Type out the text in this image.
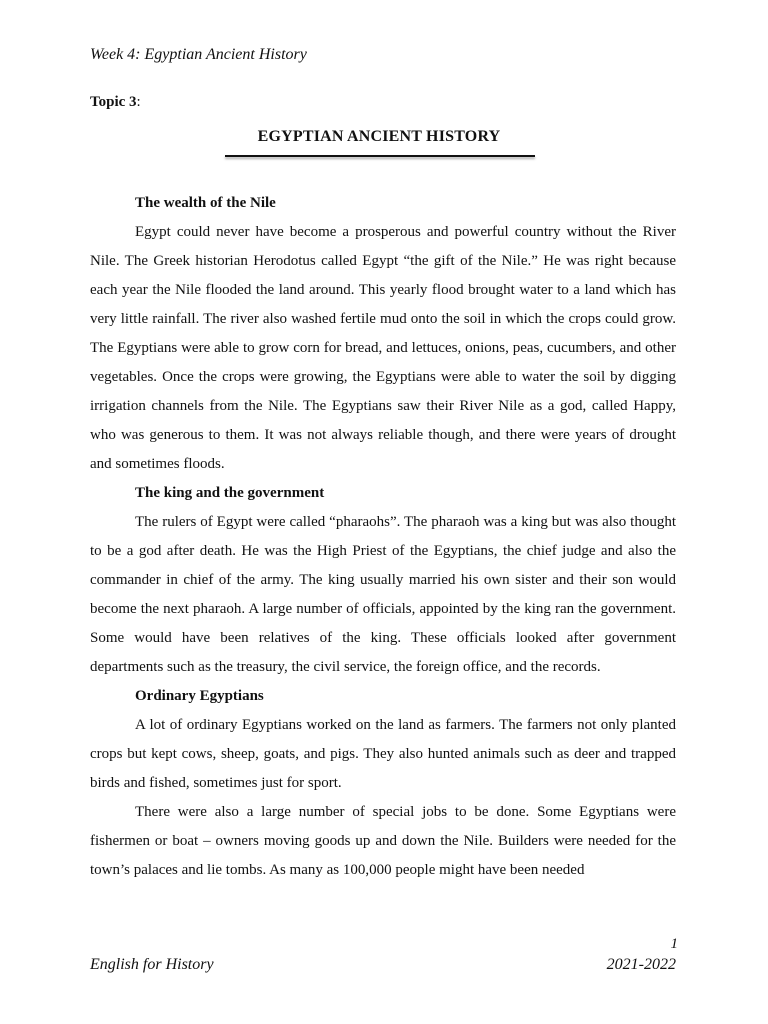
Week 4: Egyptian Ancient History
Topic 3:
EGYPTIAN ANCIENT HISTORY
The wealth of the Nile

Egypt could never have become a prosperous and powerful country without the River Nile. The Greek historian Herodotus called Egypt “the gift of the Nile.” He was right because each year the Nile flooded the land around. This yearly flood brought water to a land which has very little rainfall. The river also washed fertile mud onto the soil in which the crops could grow. The Egyptians were able to grow corn for bread, and lettuces, onions, peas, cucumbers, and other vegetables. Once the crops were growing, the Egyptians were able to water the soil by digging irrigation channels from the Nile. The Egyptians saw their River Nile as a god, called Happy, who was generous to them. It was not always reliable though, and there were years of drought and sometimes floods.

The king and the government

The rulers of Egypt were called “pharaohs”. The pharaoh was a king but was also thought to be a god after death. He was the High Priest of the Egyptians, the chief judge and also the commander in chief of the army. The king usually married his own sister and their son would become the next pharaoh. A large number of officials, appointed by the king ran the government. Some would have been relatives of the king. These officials looked after government departments such as the treasury, the civil service, the foreign office, and the records.

Ordinary Egyptians

A lot of ordinary Egyptians worked on the land as farmers. The farmers not only planted crops but kept cows, sheep, goats, and pigs. They also hunted animals such as deer and trapped birds and fished, sometimes just for sport.

There were also a large number of special jobs to be done. Some Egyptians were fishermen or boat – owners moving goods up and down the Nile. Builders were needed for the town’s palaces and lie tombs. As many as 100,000 people might have been needed

1
English for History	2021-2022
